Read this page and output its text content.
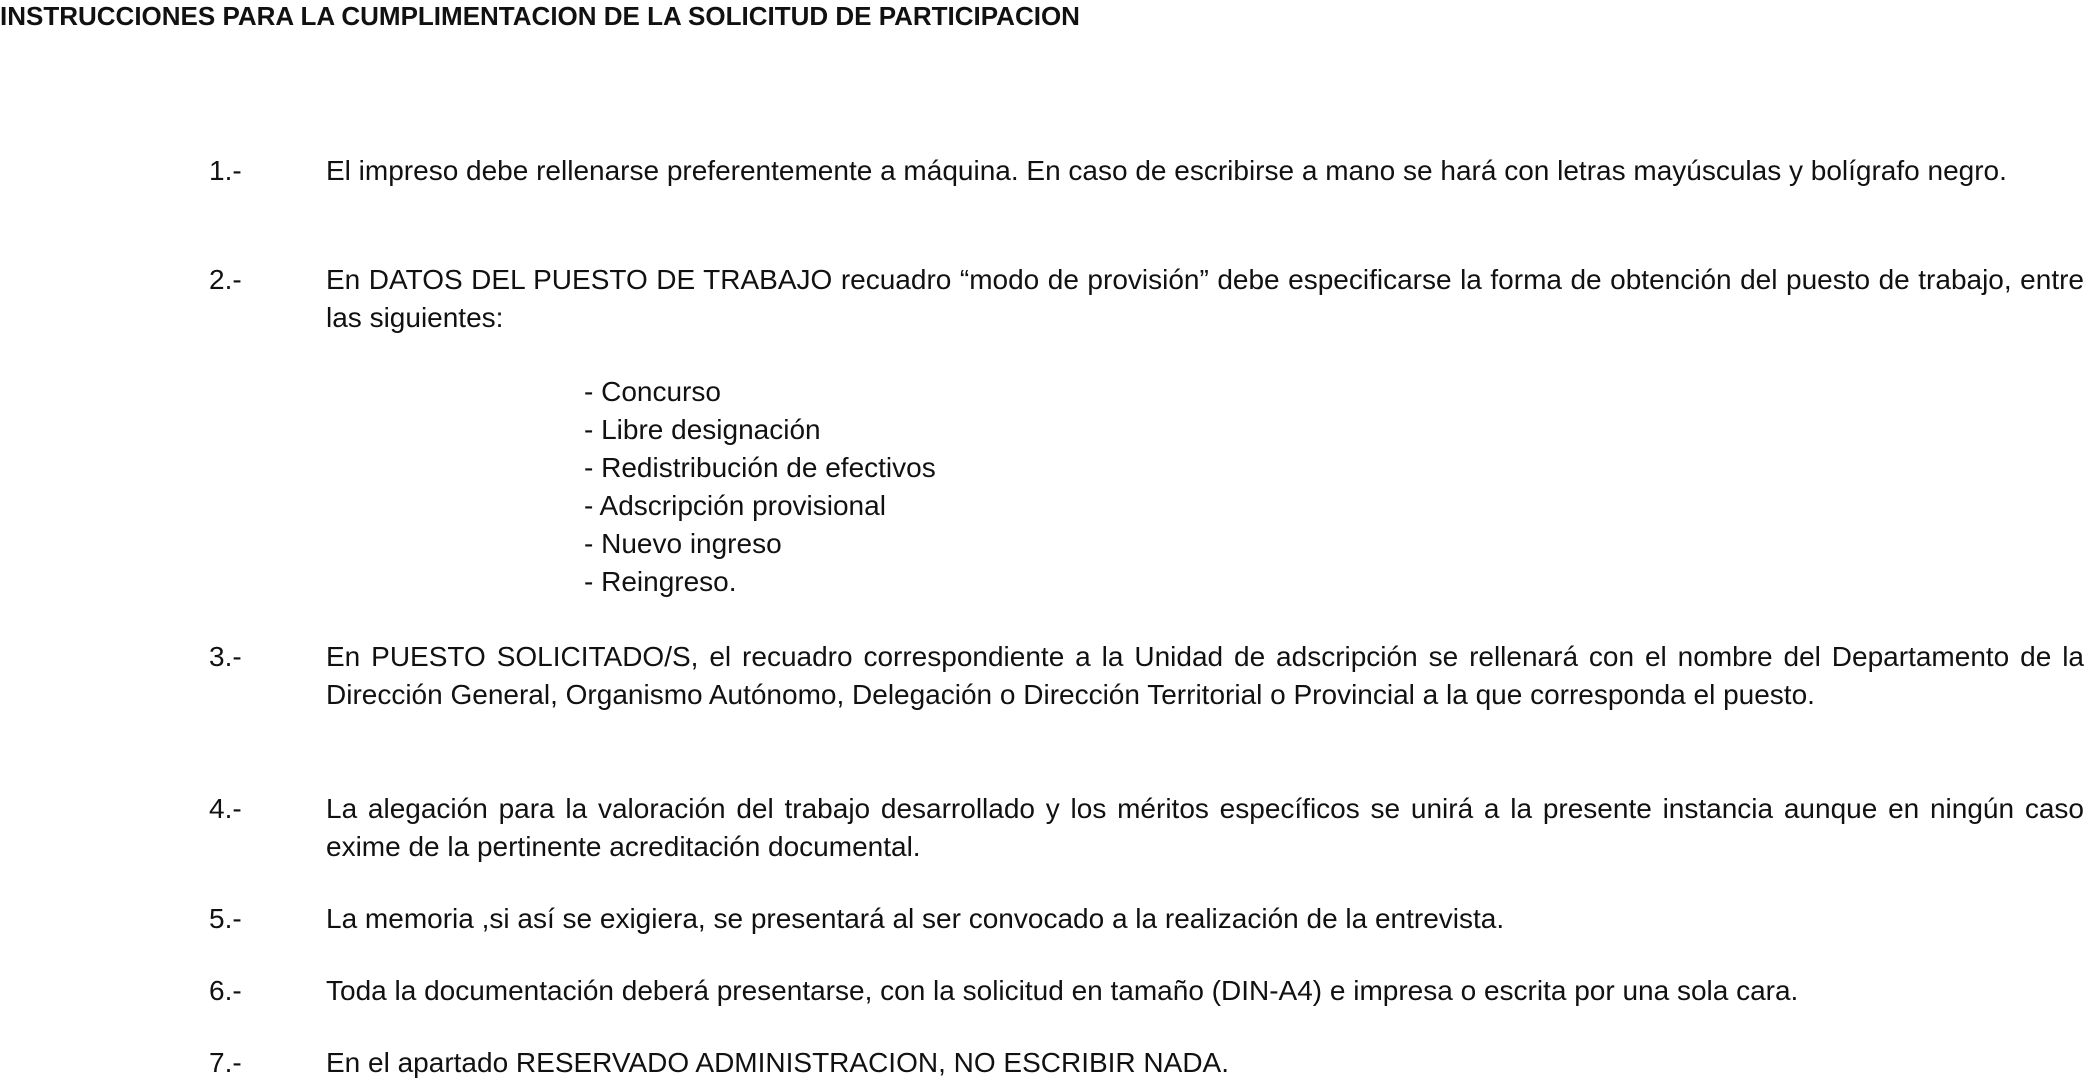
INSTRUCCIONES PARA LA CUMPLIMENTACION DE LA SOLICITUD DE PARTICIPACION
1.-	El impreso debe rellenarse preferentemente a máquina. En caso de escribirse a mano se hará con letras mayúsculas y bolígrafo negro.
2.-	En DATOS DEL PUESTO DE TRABAJO recuadro “modo de provisión” debe especificarse la forma de obtención del puesto de trabajo, entre las siguientes:
- Concurso
- Libre designación
- Redistribución de efectivos
- Adscripción provisional
- Nuevo ingreso
- Reingreso.
3.-	En PUESTO SOLICITADO/S, el recuadro correspondiente a la Unidad de adscripción se rellenará con el nombre del Departamento de la Dirección General, Organismo Autónomo, Delegación o Dirección Territorial o Provincial a la que corresponda el puesto.
4.-	La alegación para la valoración del trabajo desarrollado y los méritos específicos se unirá a la presente instancia aunque en ningún caso exime de la pertinente acreditación documental.
5.-	La memoria ,si así se exigiera, se presentará al ser convocado a la realización de la entrevista.
6.-	Toda la documentación deberá presentarse, con la solicitud en tamaño (DIN-A4) e impresa o escrita por una sola cara.
7.-	En el apartado RESERVADO ADMINISTRACION, NO ESCRIBIR NADA.
